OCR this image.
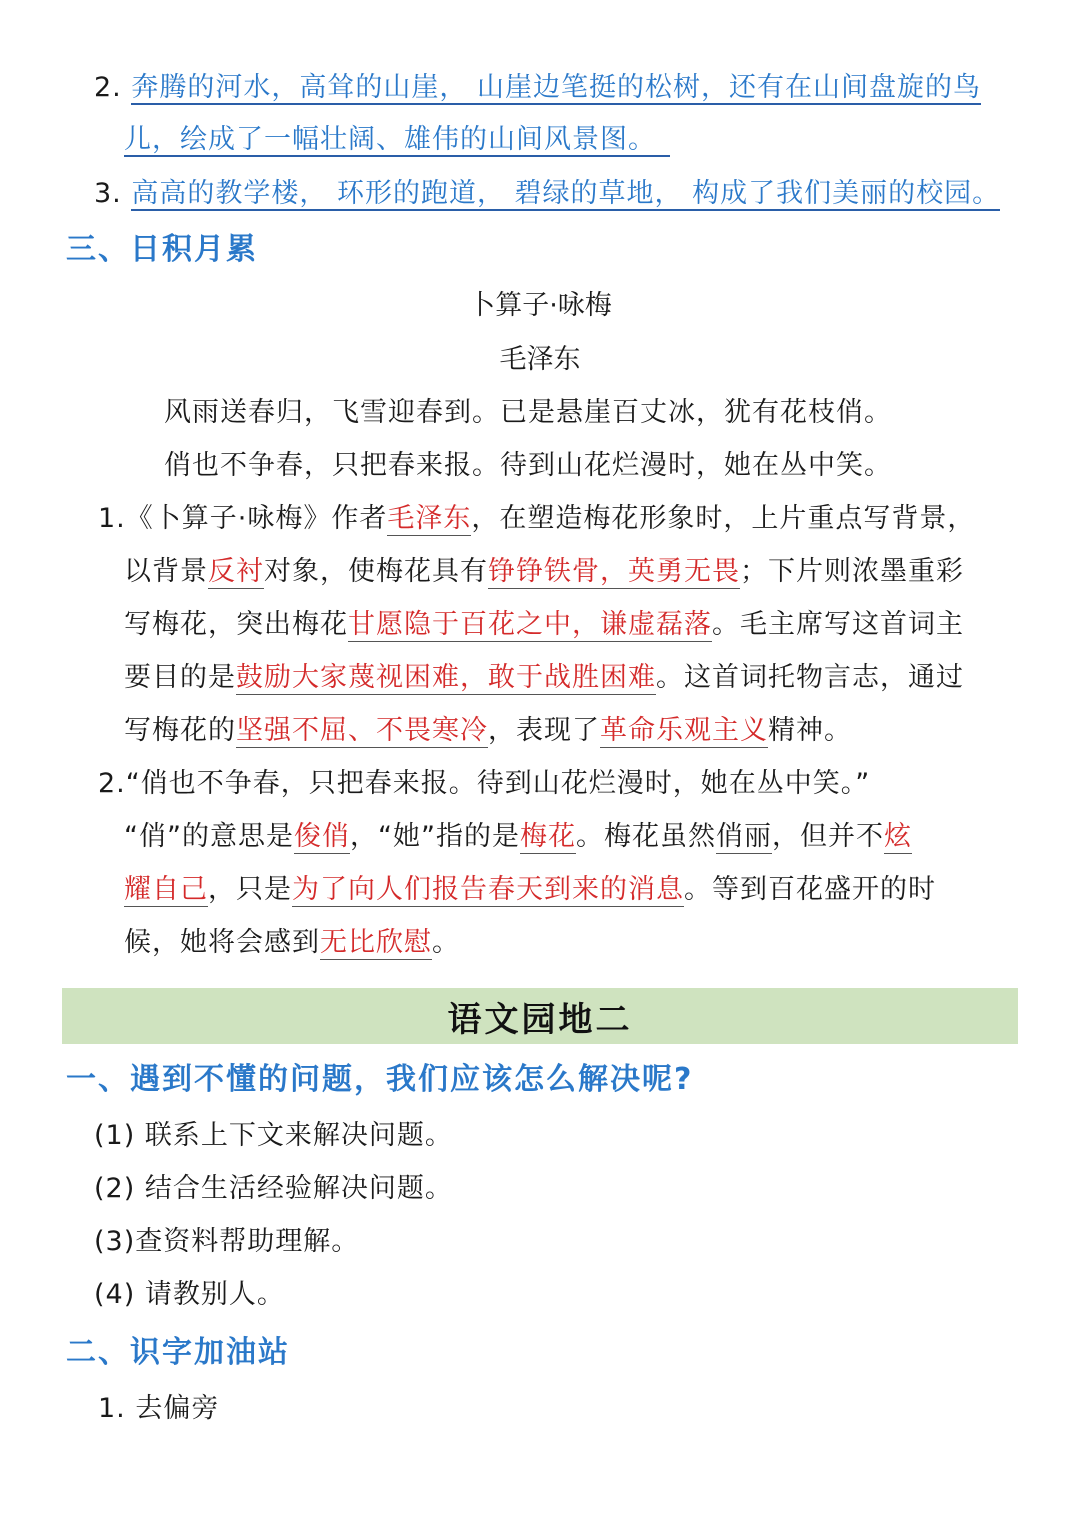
2. 奔腾的河水，高耸的山崖， 山崖边笔挺的松树，还有在山间盘旋的鸟
儿，绘成了一幅壮阔、雄伟的山间风景图。
3. 高高的教学楼， 环形的跑道， 碧绿的草地， 构成了我们美丽的校园。
三、日积月累
卜算子·咏梅
毛泽东
风雨送春归，飞雪迎春到。已是悬崖百丈冰，犹有花枝俏。
俏也不争春，只把春来报。待到山花烂漫时，她在丛中笑。
1.《卜算子·咏梅》作者毛泽东，在塑造梅花形象时，上片重点写背景，
以背景反衬对象，使梅花具有铮铮铁骨，英勇无畏；下片则浓墨重彩
写梅花，突出梅花甘愿隐于百花之中，谦虚磊落。毛主席写这首词主
要目的是鼓励大家蔑视困难，敢于战胜困难。这首词托物言志，通过
写梅花的坚强不屈、不畏寒冷，表现了革命乐观主义精神。
2.“俏也不争春，只把春来报。待到山花烂漫时，她在丛中笑。”
“俏”的意思是俊俏，“她”指的是梅花。梅花虽然俏丽，但并不炫
耀自己，只是为了向人们报告春天到来的消息。等到百花盛开的时
候，她将会感到无比欣慰。
语文园地二
一、遇到不懂的问题，我们应该怎么解决呢?
(1) 联系上下文来解决问题。
(2) 结合生活经验解决问题。
(3)查资料帮助理解。
(4) 请教别人。
二、识字加油站
1. 去偏旁
